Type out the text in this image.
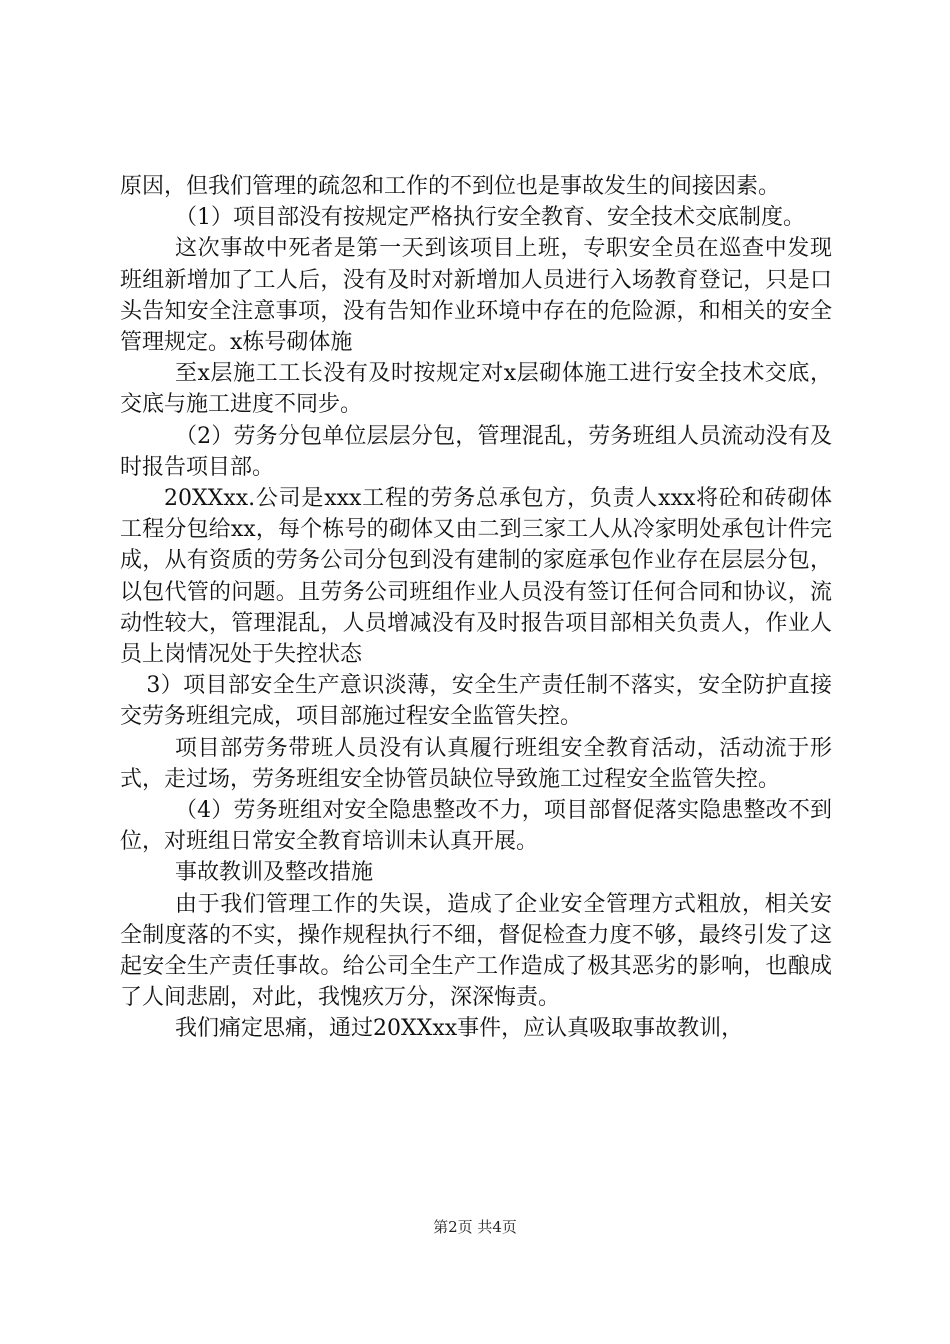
原因，但我们管理的疏忽和工作的不到位也是事故发生的间接因素。

（1）项目部没有按规定严格执行安全教育、安全技术交底制度。

这次事故中死者是第一天到该项目上班，专职安全员在巡查中发现班组新增加了工人后，没有及时对新增加人员进行入场教育登记，只是口头告知安全注意事项，没有告知作业环境中存在的危险源，和相关的安全管理规定。x栋号砌体施

至x层施工工长没有及时按规定对x层砌体施工进行安全技术交底，交底与施工进度不同步。

（2）劳务分包单位层层分包，管理混乱，劳务班组人员流动没有及时报告项目部。

20XXxx.公司是xxx工程的劳务总承包方，负责人xxx将砼和砖砌体工程分包给xx，每个栋号的砌体又由二到三家工人从冷家明处承包计件完成，从有资质的劳务公司分包到没有建制的家庭承包作业存在层层分包，以包代管的问题。且劳务公司班组作业人员没有签订任何合同和协议，流动性较大，管理混乱，人员增减没有及时报告项目部相关负责人，作业人员上岗情况处于失控状态

3）项目部安全生产意识淡薄，安全生产责任制不落实，安全防护直接交劳务班组完成，项目部施过程安全监管失控。

项目部劳务带班人员没有认真履行班组安全教育活动，活动流于形式，走过场，劳务班组安全协管员缺位导致施工过程安全监管失控。

（4）劳务班组对安全隐患整改不力，项目部督促落实隐患整改不到位，对班组日常安全教育培训未认真开展。

事故教训及整改措施

由于我们管理工作的失误，造成了企业安全管理方式粗放，相关安全制度落的不实，操作规程执行不细，督促检查力度不够，最终引发了这起安全生产责任事故。给公司全生产工作造成了极其恶劣的影响，也酿成了人间悲剧，对此，我愧疚万分，深深悔责。

我们痛定思痛，通过20XXxx事件，应认真吸取事故教训，

第2页 共4页
